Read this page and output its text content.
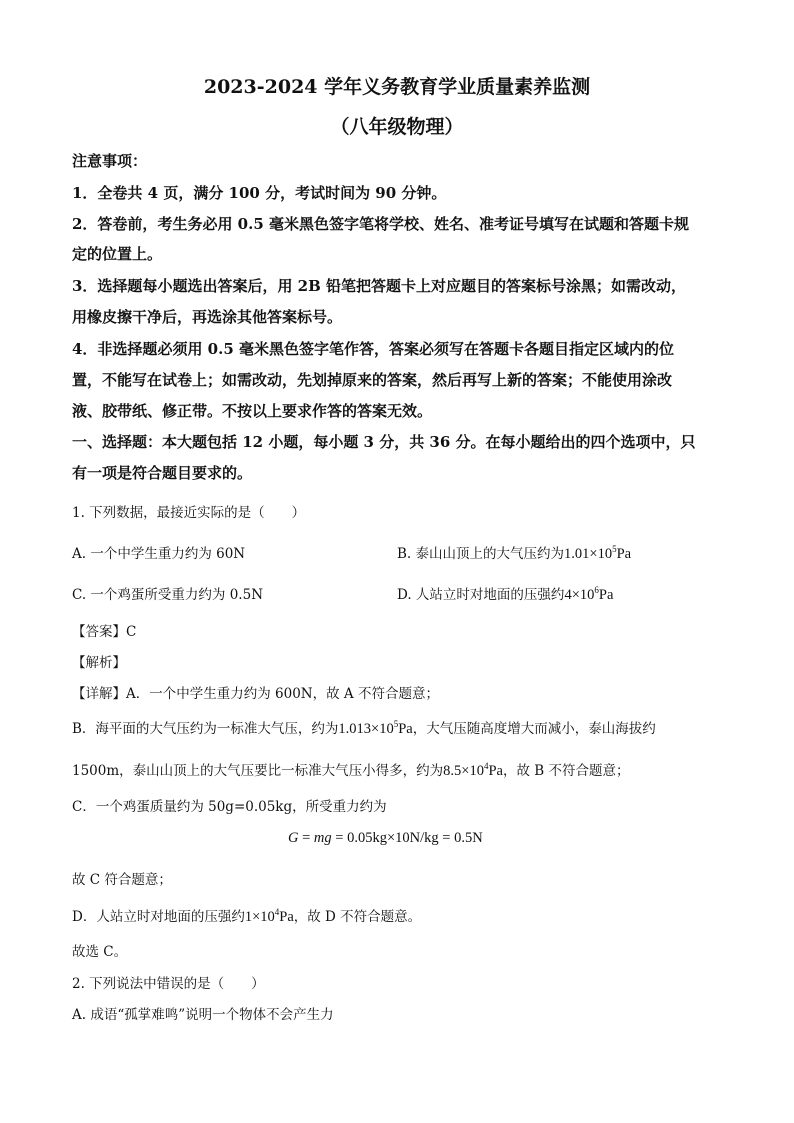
2023-2024 学年义务教育学业质量素养监测
（八年级物理）
注意事项：
1．全卷共 4 页，满分 100 分，考试时间为 90 分钟。
2．答卷前，考生务必用 0.5 毫米黑色签字笔将学校、姓名、准考证号填写在试题和答题卡规
定的位置上。
3．选择题每小题选出答案后，用 2B 铅笔把答题卡上对应题目的答案标号涂黑；如需改动，
用橡皮擦干净后，再选涂其他答案标号。
4．非选择题必须用 0.5 毫米黑色签字笔作答，答案必须写在答题卡各题目指定区域内的位
置，不能写在试卷上；如需改动，先划掉原来的答案，然后再写上新的答案；不能使用涂改
液、胶带纸、修正带。不按以上要求作答的答案无效。
一、选择题：本大题包括 12 小题，每小题 3 分，共 36 分。在每小题给出的四个选项中，只
有一项是符合题目要求的。
1. 下列数据，最接近实际的是（　　）
A. 一个中学生重力约为 60N	B. 泰山山顶上的大气压约为$1.01\times 10^5Pa$
C. 一个鸡蛋所受重力约为 0.5N	D. 人站立时对地面的压强约$4\times 10^6Pa$
【答案】C
【解析】
【详解】A．一个中学生重力约为 600N，故 A 不符合题意；
B．海平面的大气压约为一标准大气压，约为$1.013\times 10^5Pa$，大气压随高度增大而减小，泰山海拔约
1500m，泰山山顶上的大气压要比一标准大气压小得多，约为$8.5\times 10^4Pa$，故 B 不符合题意；
C．一个鸡蛋质量约为 50g=0.05kg，所受重力约为
G = mg = 0.05kg×10N/kg = 0.5N
故 C 符合题意；
D．人站立时对地面的压强约$1\times 10^4Pa$，故 D 不符合题意。
故选 C。
2. 下列说法中错误的是（　　）
A. 成语“孤掌难鸣”说明一个物体不会产生力
